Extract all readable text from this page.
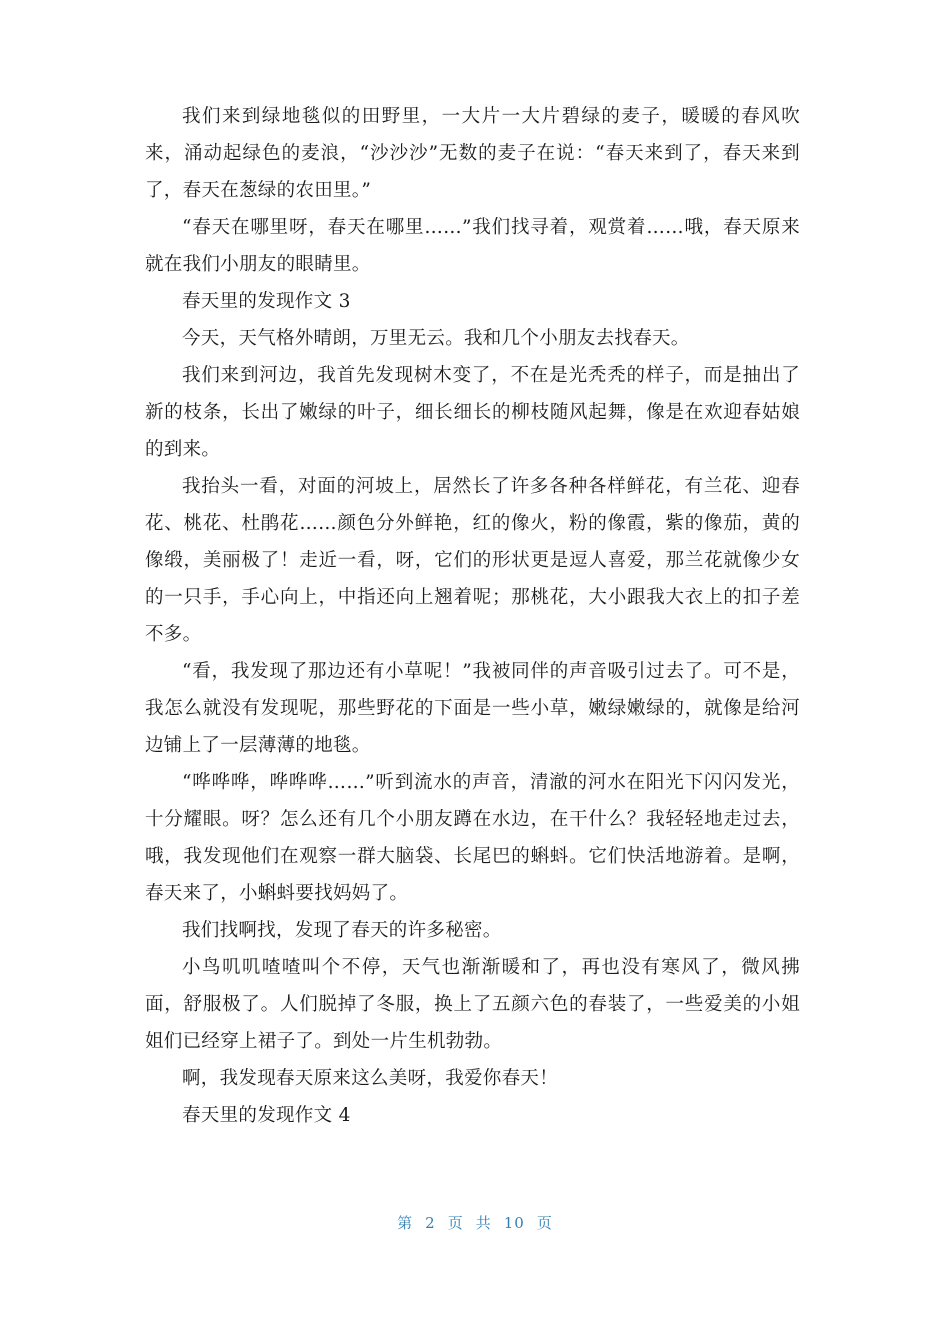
我们来到绿地毯似的田野里，一大片一大片碧绿的麦子，暖暖的春风吹来，涌动起绿色的麦浪，“沙沙沙”无数的麦子在说：“春天来到了，春天来到了，春天在葱绿的农田里。”

“春天在哪里呀，春天在哪里……”我们找寻着，观赏着……哦，春天原来就在我们小朋友的眼睛里。

春天里的发现作文 3

今天，天气格外晴朗，万里无云。我和几个小朋友去找春天。

我们来到河边，我首先发现树木变了，不在是光秃秃的样子，而是抽出了新的枝条，长出了嫩绿的叶子，细长细长的柳枝随风起舞，像是在欢迎春姑娘的到来。

我抬头一看，对面的河坡上，居然长了许多各种各样鲜花，有兰花、迎春花、桃花、杜鹃花……颜色分外鲜艳，红的像火，粉的像霞，紫的像茄，黄的像缎，美丽极了！走近一看，呀，它们的形状更是逗人喜爱，那兰花就像少女的一只手，手心向上，中指还向上翘着呢；那桃花，大小跟我大衣上的扣子差不多。

“看，我发现了那边还有小草呢！”我被同伴的声音吸引过去了。可不是，我怎么就没有发现呢，那些野花的下面是一些小草，嫩绿嫩绿的，就像是给河边铺上了一层薄薄的地毯。

“哗哗哗，哗哗哗……”听到流水的声音，清澈的河水在阳光下闪闪发光，十分耀眼。呀？怎么还有几个小朋友蹲在水边，在干什么？我轻轻地走过去，哦，我发现他们在观察一群大脑袋、长尾巴的蝌蚪。它们快活地游着。是啊，春天来了，小蝌蚪要找妈妈了。

我们找啊找，发现了春天的许多秘密。

小鸟叽叽喳喳叫个不停，天气也渐渐暖和了，再也没有寒风了，微风拂面，舒服极了。人们脱掉了冬服，换上了五颜六色的春装了，一些爱美的小姐姐们已经穿上裙子了。到处一片生机勃勃。

啊，我发现春天原来这么美呀，我爱你春天！

春天里的发现作文 4

第 2 页 共 10 页
